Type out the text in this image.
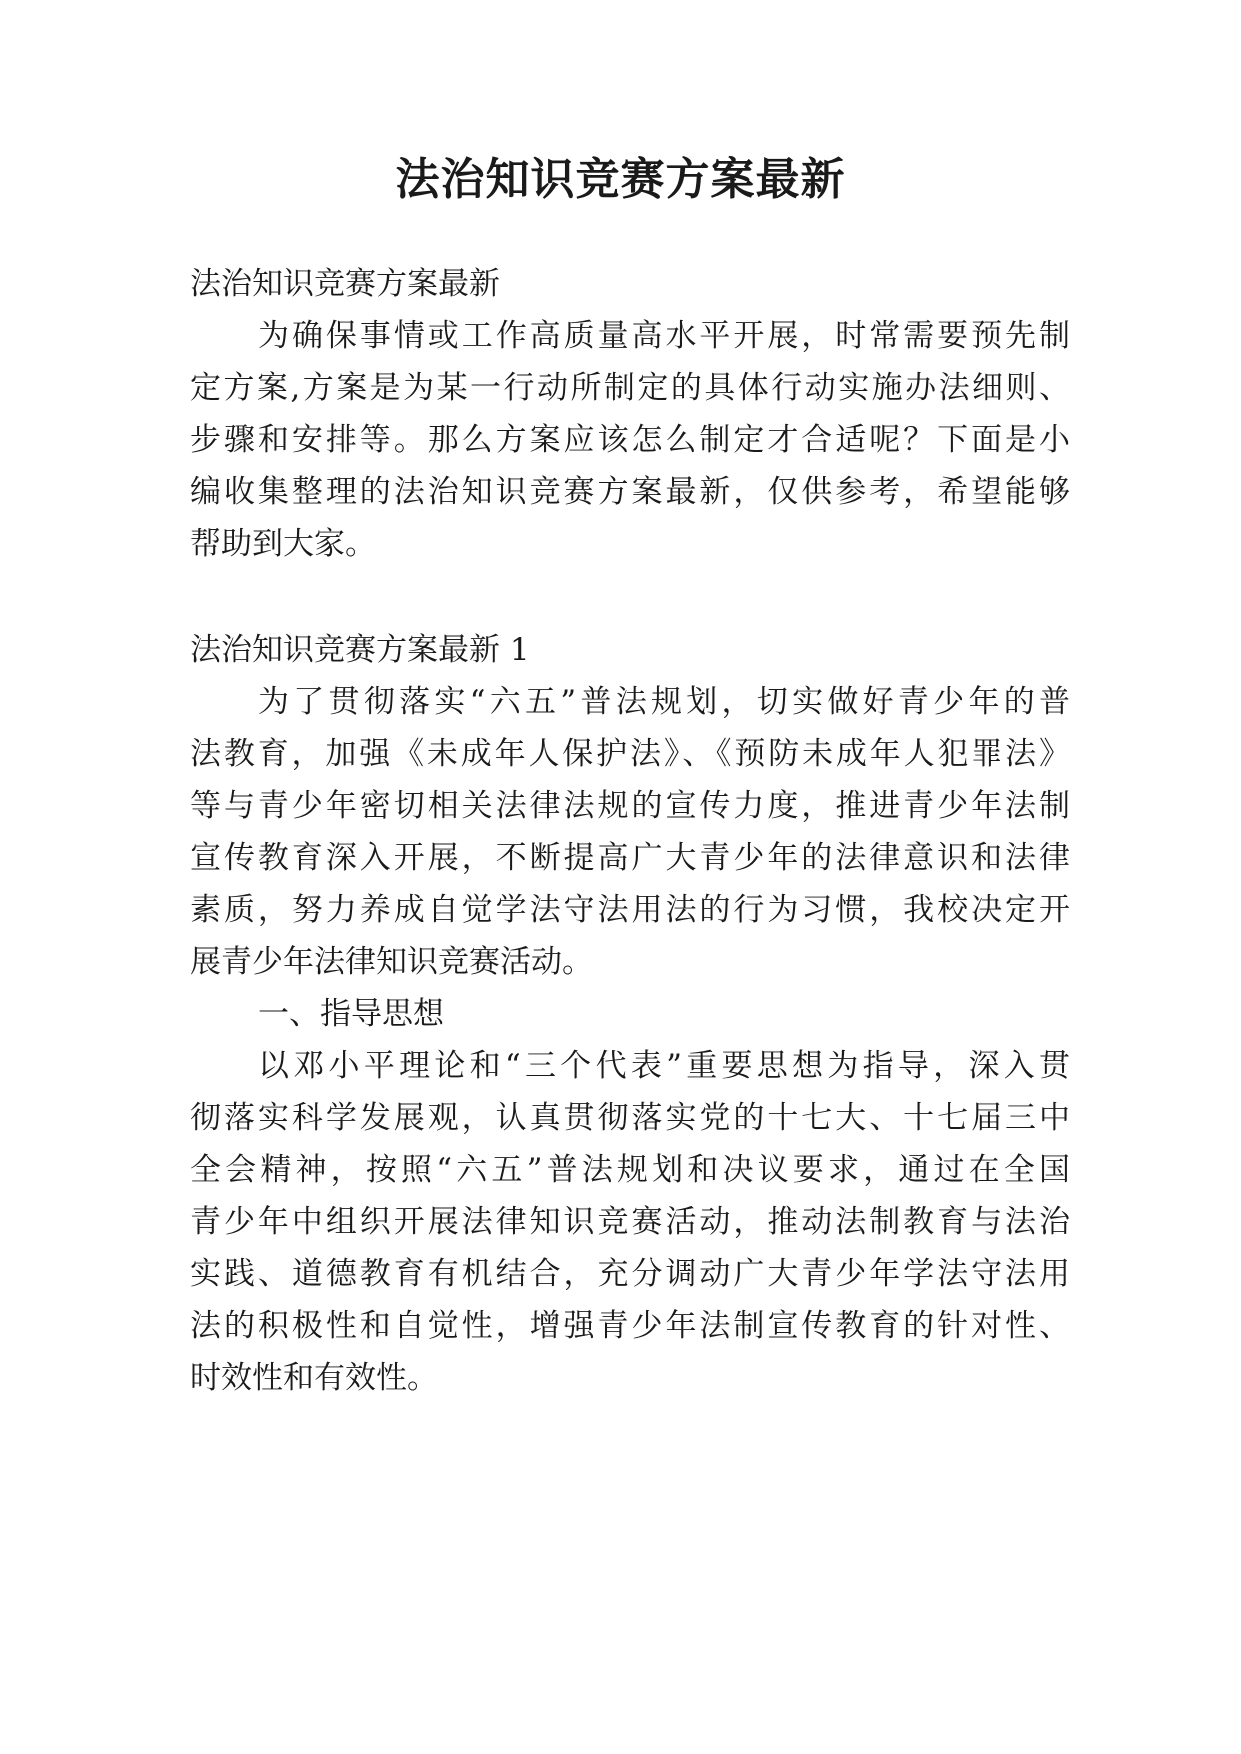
法治知识竞赛方案最新
法治知识竞赛方案最新
为确保事情或工作高质量高水平开展，时常需要预先制
定方案,方案是为某一行动所制定的具体行动实施办法细则、
步骤和安排等。那么方案应该怎么制定才合适呢？下面是小
编收集整理的法治知识竞赛方案最新，仅供参考，希望能够
帮助到大家。
法治知识竞赛方案最新 1
为了贯彻落实“六五”普法规划，切实做好青少年的普
法教育，加强《未成年人保护法》、《预防未成年人犯罪法》
等与青少年密切相关法律法规的宣传力度，推进青少年法制
宣传教育深入开展，不断提高广大青少年的法律意识和法律
素质，努力养成自觉学法守法用法的行为习惯，我校决定开
展青少年法律知识竞赛活动。
一、指导思想
以邓小平理论和“三个代表”重要思想为指导，深入贯
彻落实科学发展观，认真贯彻落实党的十七大、十七届三中
全会精神，按照“六五”普法规划和决议要求，通过在全国
青少年中组织开展法律知识竞赛活动，推动法制教育与法治
实践、道德教育有机结合，充分调动广大青少年学法守法用
法的积极性和自觉性，增强青少年法制宣传教育的针对性、
时效性和有效性。
